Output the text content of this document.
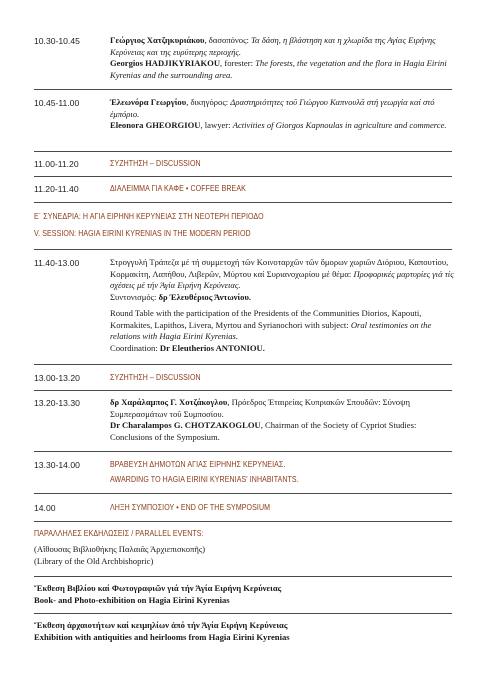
10.30-10.45	Γεώργιος Χατζηκυριάκου, δασοπόνος: Τα δάση, η βλάστηση και η χλωρίδα της Αγίας Ειρήνης Κερύνειας και της ευρύτερης περιοχής.
Georgios HADJIKYRIAKOU, forester: The forests, the vegetation and the flora in Hagia Eirini Kyrenias and the surrounding area.
10.45-11.00	Έλεωνόρα Γεωργίου, δικηγόρος: Δραστηριότητες τοῦ Γιώργου Καπνουλᾶ στή γεωργία καί στό ἐμπόριο.
Eleonora GHEORGIOU, lawyer: Activities of Giorgos Kapnoulas in agriculture and commerce.
11.00-11.20	ΣΥΖΗΤΗΣΗ – DISCUSSION
11.20-11.40	ΔΙΑΛΕΙΜΜΑ ΓΙΑ ΚΑΦΕ • COFFEE BREAK
Ε΄ ΣΥΝΕΔΡΙΑ: Η ΑΓΙΑ ΕΙΡΗΝΗ ΚΕΡΥΝΕΙΑΣ ΣΤΗ ΝΕΟΤΕΡΗ ΠΕΡΙΟΔΟ
V. SESSION: HAGIA EIRINI KYRENIAS IN THE MODERN PERIOD
11.40-13.00	Στρογγυλή Τράπεζα μέ τή συμμετοχή τῶν Κοινοταρχῶν τῶν ὅμορων χωριῶν Διόριου, Καπουτίου, Κορμακίτη, Λαπήθου, Λιβερῶν, Μύρτου καί Συριανοχωρίου μέ θέμα: Προφορικές μαρτυρίες γιά τίς σχέσεις μέ τήν Άγία Ειρήνη Κερύνειας.
Συντονισμός: δρ Έλευθέριος Άντωνίου.
Round Table with the participation of the Presidents of the Communities Diorios, Kapouti, Kormakites, Lapithos, Livera, Myrtou and Syrianochori with subject: Oral testimonies on the relations with Hagia Eirini Kyrenias.
Coordination: Dr Eleutherios ANTONIOU.
13.00-13.20	ΣΥΖΗΤΗΣΗ – DISCUSSION
13.20-13.30	δρ Χαράλαμπος Γ. Χοτζάκογλου, Πρόεδρος Έταιρείας Κυπριακῶν Σπουδῶν: Σύνοψη Συμπερασμάτων τοῦ Συμποσίου.
Dr Charalampos G. CHOTZAKOGLOU, Chairman of the Society of Cypriot Studies: Conclusions of the Symposium.
13.30-14.00	ΒΡΑΒΕΥΣΗ ΔΗΜΟΤΩΝ ΑΓΙΑΣ ΕΙΡΗΝΗΣ ΚΕΡΥΝΕΙΑΣ.
AWARDING TO HAGIA EIRINI KYRENIAS' INHABITANTS.
14.00	ΛΗΞΗ ΣΥΜΠΟΣΙΟΥ • END OF THE SYMPOSIUM
ΠΑΡΑΛΛΗΛΕΣ ΕΚΔΗΛΩΣΕΙΣ / PARALLEL EVENTS:
(Αἴθουσας Βιβλιοθήκης Παλαιᾶς Άρχιεπισκοπῆς)
(Library of the Old Archbishopric)
Ἔκθεση Βιβλίου καί Φωτογραφιῶν γιά τήν Άγία Ειρήνη Κερύνειας
Book- and Photo-exhibition on Hagia Eirini Kyrenias
Ἔκθεση ἀρχαιοτήτων καί κειμηλίων ἀπό τήν Άγία Ειρήνη Κερύνειας
Exhibition with antiquities and heirlooms from Hagia Eirini Kyrenias
